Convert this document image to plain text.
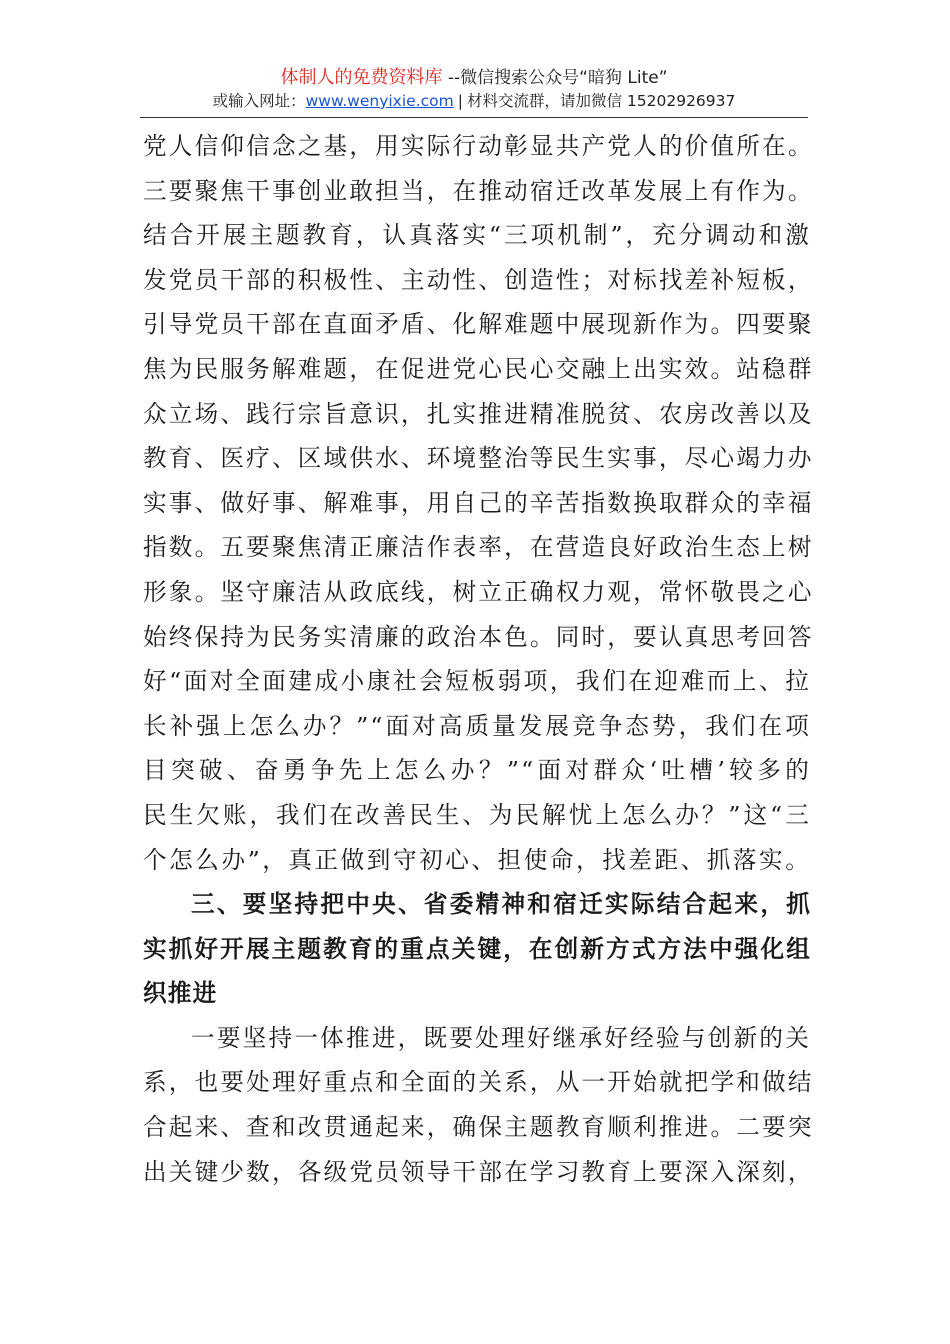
体制人的免费资料库 --微信搜索公众号“暗狗 Lite”
或输入网址：www.wenyixie.com | 材料交流群，请加微信 15202926937
党人信仰信念之基，用实际行动彰显共产党人的价值所在。
三要聚焦干事创业敢担当，在推动宿迁改革发展上有作为。
结合开展主题教育，认真落实“三项机制”，充分调动和激
发党员干部的积极性、主动性、创造性；对标找差补短板，
引导党员干部在直面矛盾、化解难题中展现新作为。四要聚
焦为民服务解难题，在促进党心民心交融上出实效。站稳群
众立场、践行宗旨意识，扎实推进精准脱贫、农房改善以及
教育、医疗、区域供水、环境整治等民生实事，尽心竭力办
实事、做好事、解难事，用自己的辛苦指数换取群众的幸福
指数。五要聚焦清正廉洁作表率，在营造良好政治生态上树
形象。坚守廉洁从政底线，树立正确权力观，常怀敬畏之心
始终保持为民务实清廉的政治本色。同时，要认真思考回答
好“面对全面建成小康社会短板弱项，我们在迎难而上、拉
长补强上怎么办？”“面对高质量发展竞争态势，我们在项
目突破、奋勇争先上怎么办？”“面对群众‘吐槽’较多的
民生欠账，我们在改善民生、为民解忧上怎么办？”这“三
个怎么办”，真正做到守初心、担使命，找差距、抓落实。
三、要坚持把中央、省委精神和宿迁实际结合起来，抓
实抓好开展主题教育的重点关键，在创新方式方法中强化组
织推进
一要坚持一体推进，既要处理好继承好经验与创新的关
系，也要处理好重点和全面的关系，从一开始就把学和做结
合起来、查和改贯通起来，确保主题教育顺利推进。二要突
出关键少数，各级党员领导干部在学习教育上要深入深刻，
